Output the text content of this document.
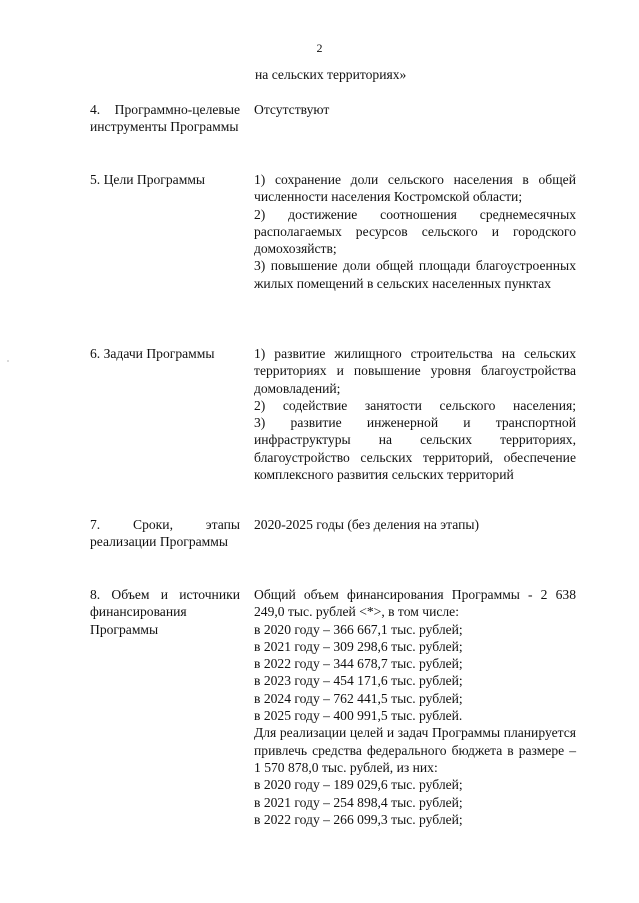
2
на сельских территориях»
4. Программно-целевые инструменты Программы

Отсутствуют

5. Цели Программы	1) сохранение доли сельского населения в общей численности населения Костромской области;

2) достижение соотношения среднемесячных располагаемых ресурсов сельского и городского домохозяйств;

3) повышение доли общей площади благоустроенных жилых помещений в сельских населенных пунктах

6. Задачи Программы	1) развитие жилищного строительства на сельских территориях и повышение уровня благоустройства домовладений;

2) содействие занятости сельского населения;

3) развитие инженерной и транспортной инфраструктуры на сельских территориях, благоустройство сельских территорий, обеспечение комплексного развития сельских территорий

7. Сроки, этапы реализации Программы

2020-2025 годы (без деления на этапы)

8. Объем и источники финансирования Программы

Общий объем финансирования Программы - 2 638 249,0 тыс. рублей <*>, в том числе:

в 2020 году – 366 667,1 тыс. рублей;

в 2021 году – 309 298,6 тыс. рублей;

в 2022 году – 344 678,7 тыс. рублей;

в 2023 году – 454 171,6 тыс. рублей;

в 2024 году – 762 441,5 тыс. рублей;

в 2025 году – 400 991,5 тыс. рублей.

Для реализации целей и задач Программы планируется привлечь средства федерального бюджета в размере – 1 570 878,0 тыс. рублей, из них:

в 2020 году – 189 029,6 тыс. рублей;

в 2021 году – 254 898,4 тыс. рублей;

в 2022 году – 266 099,3 тыс. рублей;
